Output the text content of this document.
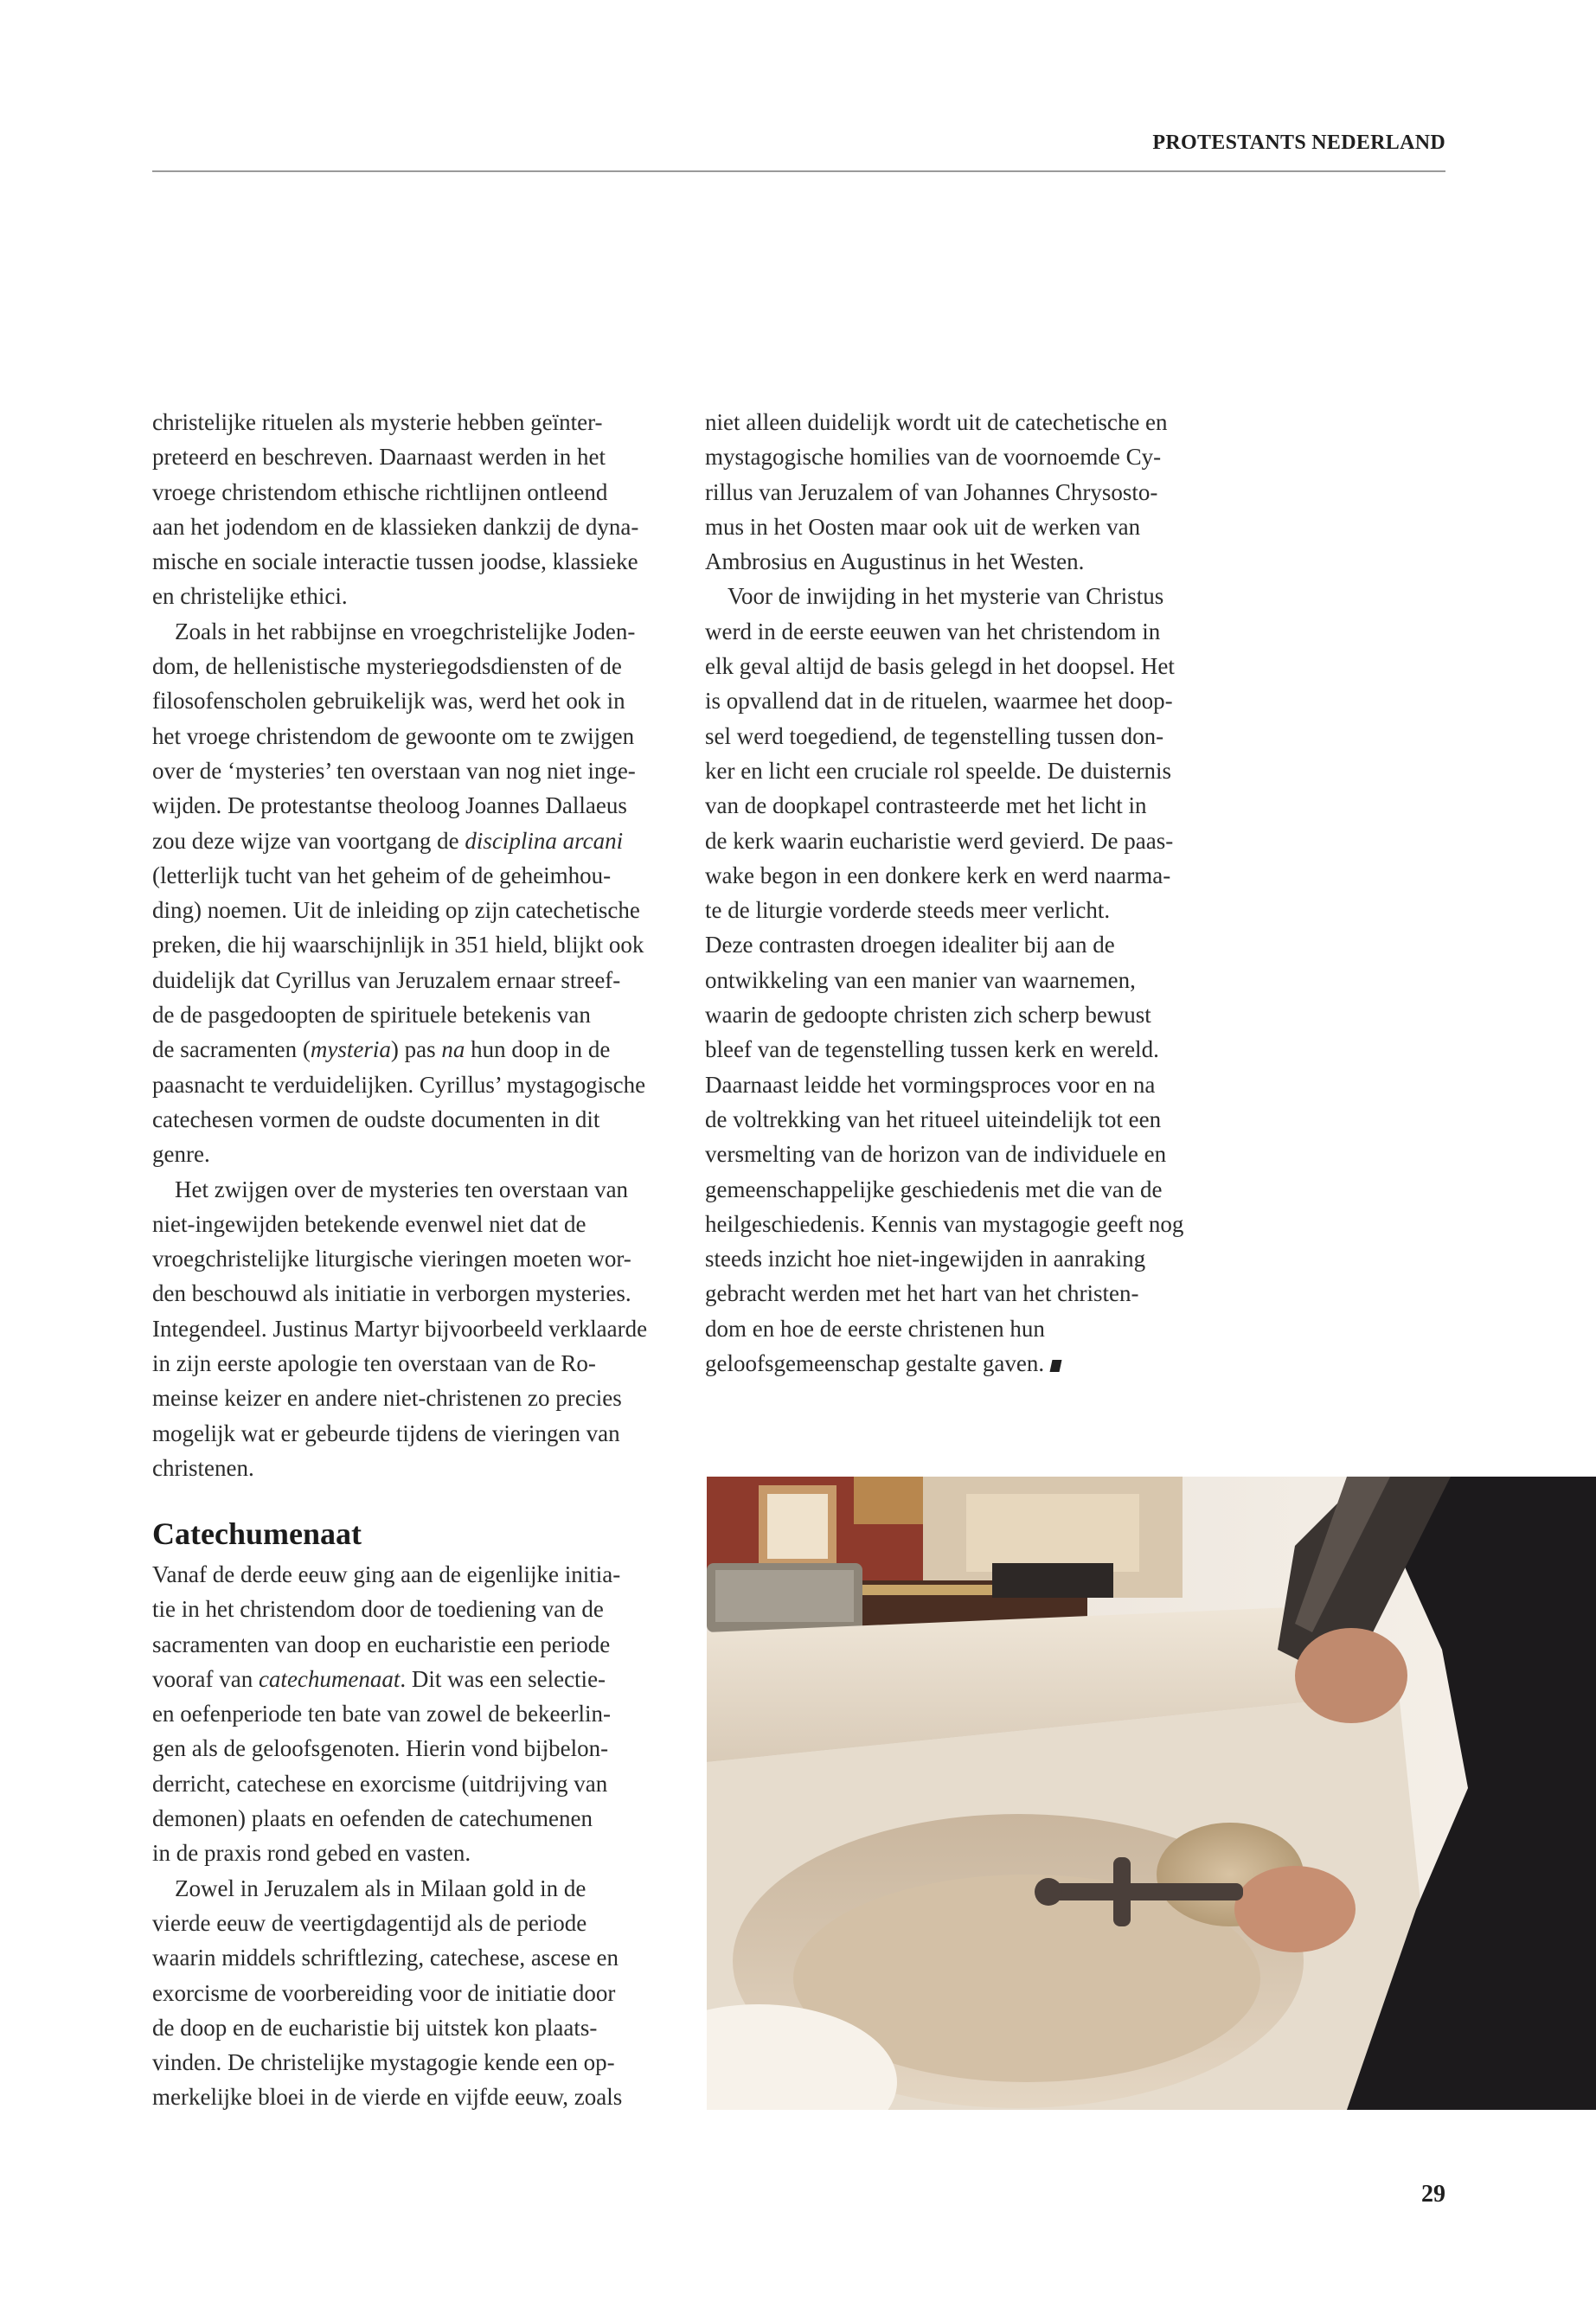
PROTESTANTS NEDERLAND
christelijke rituelen als mysterie hebben geïnter-
preteerd en beschreven. Daarnaast werden in het
vroege christendom ethische richtlijnen ontleend
aan het jodendom en de klassieken dankzij de dyna-
mische en sociale interactie tussen joodse, klassieke
en christelijke ethici.
Zoals in het rabbijnse en vroegchristelijke Joden-
dom, de hellenistische mysteriegodsdiensten of de
filosofenscholen gebruikelijk was, werd het ook in
het vroege christendom de gewoonte om te zwijgen
over de ‘mysteries’ ten overstaan van nog niet inge-
wijden. De protestantse theoloog Joannes Dallaeus
zou deze wijze van voortgang de disciplina arcani
(letterlijk tucht van het geheim of de geheimhou-
ding) noemen. Uit de inleiding op zijn catechetische
preken, die hij waarschijnlijk in 351 hield, blijkt ook
duidelijk dat Cyrillus van Jeruzalem ernaar streef-
de de pasgedoopten de spirituele betekenis van
de sacramenten (mysteria) pas na hun doop in de
paasnacht te verduidelijken. Cyrillus’ mystagogische
catechesen vormen de oudste documenten in dit
genre.
Het zwijgen over de mysteries ten overstaan van
niet-ingewijden betekende evenwel niet dat de
vroegchristelijke liturgische vieringen moeten wor-
den beschouwd als initiatie in verborgen mysteries.
Integendeel. Justinus Martyr bijvoorbeeld verklaarde
in zijn eerste apologie ten overstaan van de Ro-
meinse keizer en andere niet-christenen zo precies
mogelijk wat er gebeurde tijdens de vieringen van
christenen.
Catechumenaat
Vanaf de derde eeuw ging aan de eigenlijke initia-
tie in het christendom door de toediening van de
sacramenten van doop en eucharistie een periode
vooraf van catechumenaat. Dit was een selectie-
en oefenperiode ten bate van zowel de bekeerlin-
gen als de geloofsgenoten. Hierin vond bijbelon-
derricht, catechese en exorcisme (uitdrijving van
demonen) plaats en oefenden de catechumenen
in de praxis rond gebed en vasten.
Zowel in Jeruzalem als in Milaan gold in de
vierde eeuw de veertigdagentijd als de periode
waarin middels schriftlezing, catechese, ascese en
exorcisme de voorbereiding voor de initiatie door
de doop en de eucharistie bij uitstek kon plaats-
vinden. De christelijke mystagogie kende een op-
merkelijke bloei in de vierde en vijfde eeuw, zoals
niet alleen duidelijk wordt uit de catechetische en
mystagogische homilies van de voornoemde Cy-
rillus van Jeruzalem of van Johannes Chrysosto-
mus in het Oosten maar ook uit de werken van
Ambrosius en Augustinus in het Westen.
Voor de inwijding in het mysterie van Christus
werd in de eerste eeuwen van het christendom in
elk geval altijd de basis gelegd in het doopsel. Het
is opvallend dat in de rituelen, waarmee het doop-
sel werd toegediend, de tegenstelling tussen don-
ker en licht een cruciale rol speelde. De duisternis
van de doopkapel contrasteerde met het licht in
de kerk waarin eucharistie werd gevierd. De paas-
wake begon in een donkere kerk en werd naarma-
te de liturgie vorderde steeds meer verlicht.
Deze contrasten droegen idealiter bij aan de
ontwikkeling van een manier van waarnemen,
waarin de gedoopte christen zich scherp bewust
bleef van de tegenstelling tussen kerk en wereld.
Daarnaast leidde het vormingsproces voor en na
de voltrekking van het ritueel uiteindelijk tot een
versmelting van de horizon van de individuele en
gemeenschappelijke geschiedenis met die van de
heilgeschiedenis. Kennis van mystagogie geeft nog
steeds inzicht hoe niet-ingewijden in aanraking
gebracht werden met het hart van het christen-
dom en hoe de eerste christenen hun
geloofsgemeenschap gestalte gaven.
29
